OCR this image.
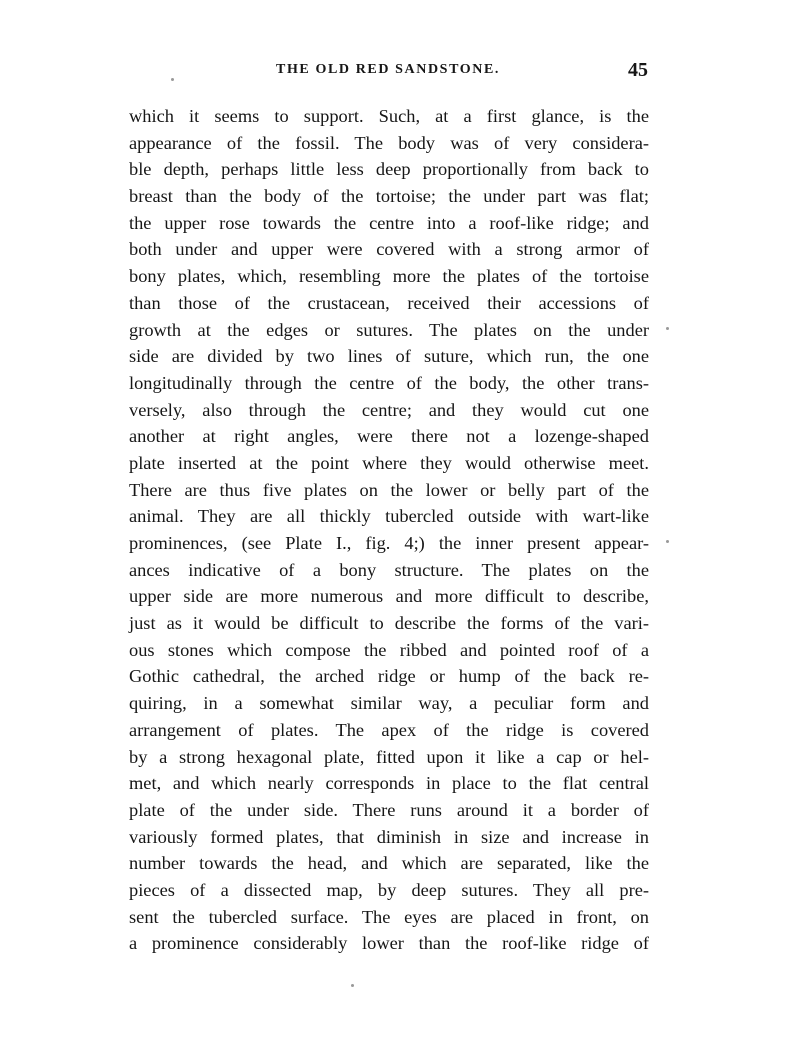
THE OLD RED SANDSTONE.	45
which it seems to support. Such, at a first glance, is the
appearance of the fossil. The body was of very considera-
ble depth, perhaps little less deep proportionally from back to
breast than the body of the tortoise; the under part was flat;
the upper rose towards the centre into a roof-like ridge; and
both under and upper were covered with a strong armor of
bony plates, which, resembling more the plates of the tortoise
than those of the crustacean, received their accessions of
growth at the edges or sutures. The plates on the under
side are divided by two lines of suture, which run, the one
longitudinally through the centre of the body, the other trans-
versely, also through the centre; and they would cut one
another at right angles, were there not a lozenge-shaped
plate inserted at the point where they would otherwise meet.
There are thus five plates on the lower or belly part of the
animal. They are all thickly tubercled outside with wart-like
prominences, (see Plate I., fig. 4;) the inner present appear-
ances indicative of a bony structure. The plates on the
upper side are more numerous and more difficult to describe,
just as it would be difficult to describe the forms of the vari-
ous stones which compose the ribbed and pointed roof of a
Gothic cathedral, the arched ridge or hump of the back re-
quiring, in a somewhat similar way, a peculiar form and
arrangement of plates. The apex of the ridge is covered
by a strong hexagonal plate, fitted upon it like a cap or hel-
met, and which nearly corresponds in place to the flat central
plate of the under side. There runs around it a border of
variously formed plates, that diminish in size and increase in
number towards the head, and which are separated, like the
pieces of a dissected map, by deep sutures. They all pre-
sent the tubercled surface. The eyes are placed in front, on
a prominence considerably lower than the roof-like ridge of
